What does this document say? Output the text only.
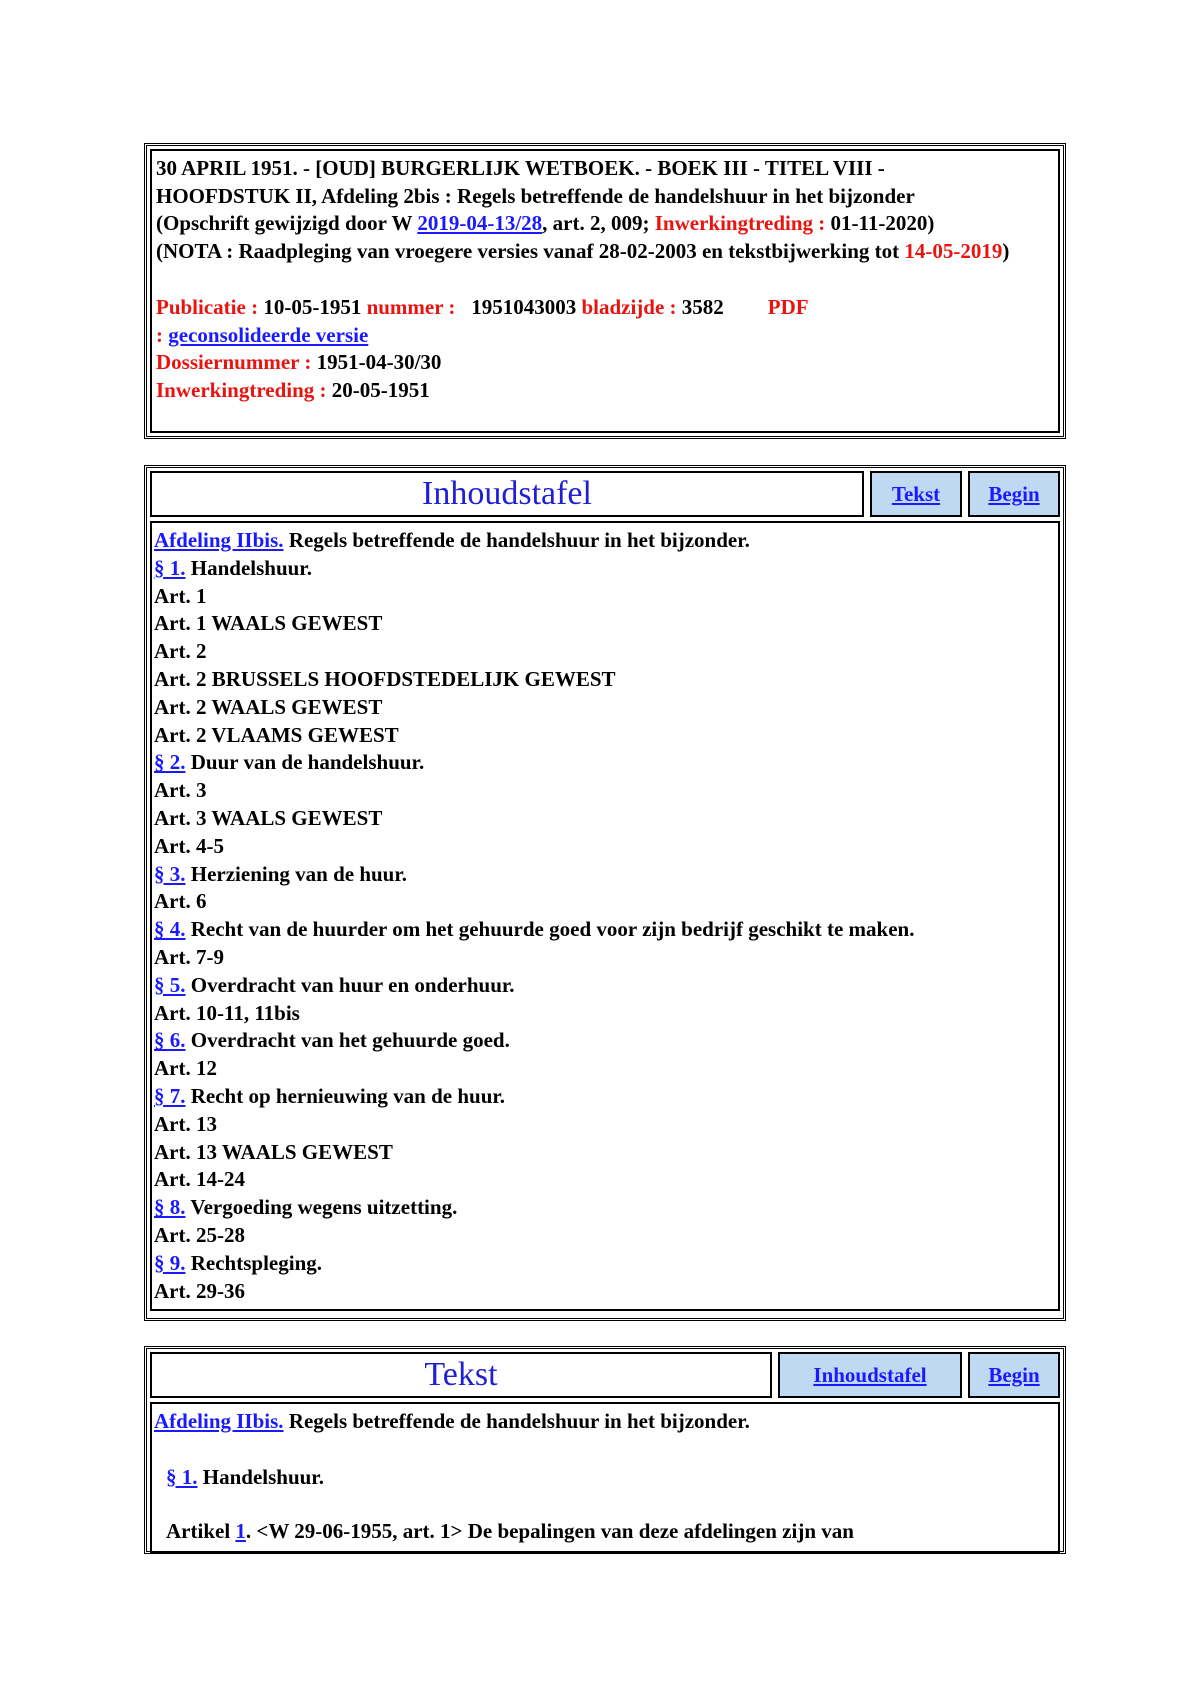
30 APRIL 1951. - [OUD] BURGERLIJK WETBOEK. - BOEK III - TITEL VIII -
HOOFDSTUK II, Afdeling 2bis : Regels betreffende de handelshuur in het bijzonder
(Opschrift gewijzigd door W 2019-04-13/28, art. 2, 009; Inwerkingtreding : 01-11-2020)
(NOTA : Raadpleging van vroegere versies vanaf 28-02-2003 en tekstbijwerking tot 14-05-2019)
Publicatie : 10-05-1951 nummer :   1951043003 bladzijde : 3582 PDF
: geconsolideerde versie
Dossiernummer : 1951-04-30/30
Inwerkingtreding : 20-05-1951
Inhoudstafel	Tekst	Begin
Afdeling IIbis. Regels betreffende de handelshuur in het bijzonder.
§ 1. Handelshuur.
Art. 1
Art. 1 WAALS GEWEST
Art. 2
Art. 2 BRUSSELS HOOFDSTEDELIJK GEWEST
Art. 2 WAALS GEWEST
Art. 2 VLAAMS GEWEST
§ 2. Duur van de handelshuur.
Art. 3
Art. 3 WAALS GEWEST
Art. 4-5
§ 3. Herziening van de huur.
Art. 6
§ 4. Recht van de huurder om het gehuurde goed voor zijn bedrijf geschikt te maken.
Art. 7-9
§ 5. Overdracht van huur en onderhuur.
Art. 10-11, 11bis
§ 6. Overdracht van het gehuurde goed.
Art. 12
§ 7. Recht op hernieuwing van de huur.
Art. 13
Art. 13 WAALS GEWEST
Art. 14-24
§ 8. Vergoeding wegens uitzetting.
Art. 25-28
§ 9. Rechtspleging.
Art. 29-36
Tekst	Inhoudstafel	Begin
Afdeling IIbis. Regels betreffende de handelshuur in het bijzonder.
§ 1. Handelshuur.
Artikel 1. <W 29-06-1955, art. 1> De bepalingen van deze afdelingen zijn van
